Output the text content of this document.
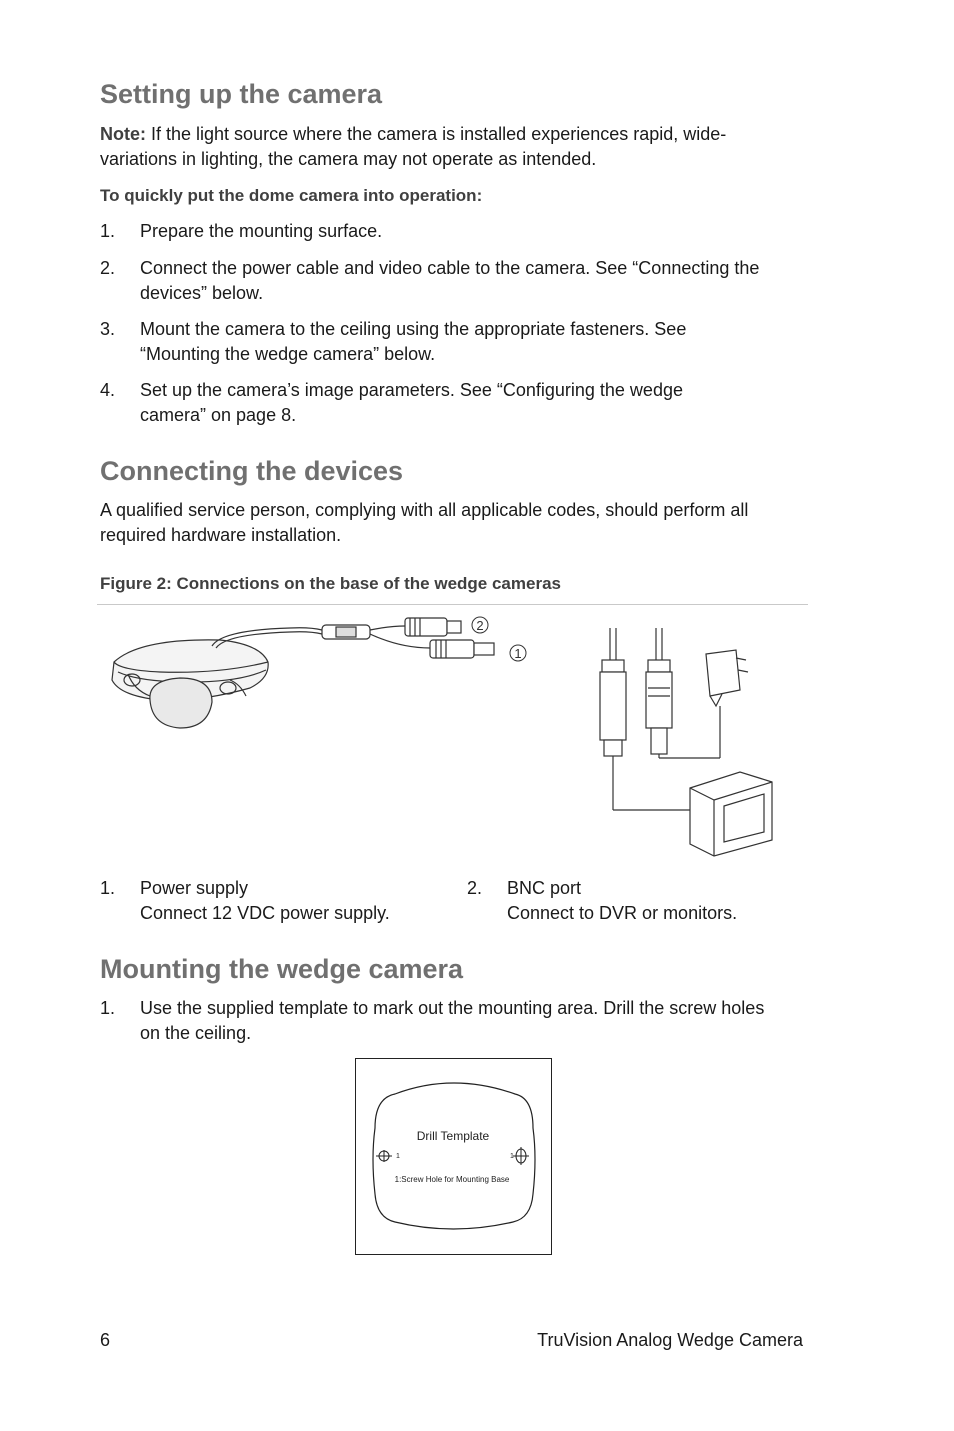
Setting up the camera
Note: If the light source where the camera is installed experiences rapid, wide-variations in lighting, the camera may not operate as intended.
To quickly put the dome camera into operation:
1. Prepare the mounting surface.
2. Connect the power cable and video cable to the camera. See “Connecting the devices” below.
3. Mount the camera to the ceiling using the appropriate fasteners. See “Mounting the wedge camera” below.
4. Set up the camera’s image parameters. See “Configuring the wedge camera” on page 8.
Connecting the devices
A qualified service person, complying with all applicable codes, should perform all required hardware installation.
Figure 2: Connections on the base of the wedge cameras
2
1
1. Power supply
Connect 12 VDC power supply.
2. BNC port
Connect to DVR or monitors.
Mounting the wedge camera
1. Use the supplied template to mark out the mounting area. Drill the screw holes on the ceiling.
Drill Template
1	1
1:Screw Hole for Mounting Base
6	TruVision Analog Wedge Camera
